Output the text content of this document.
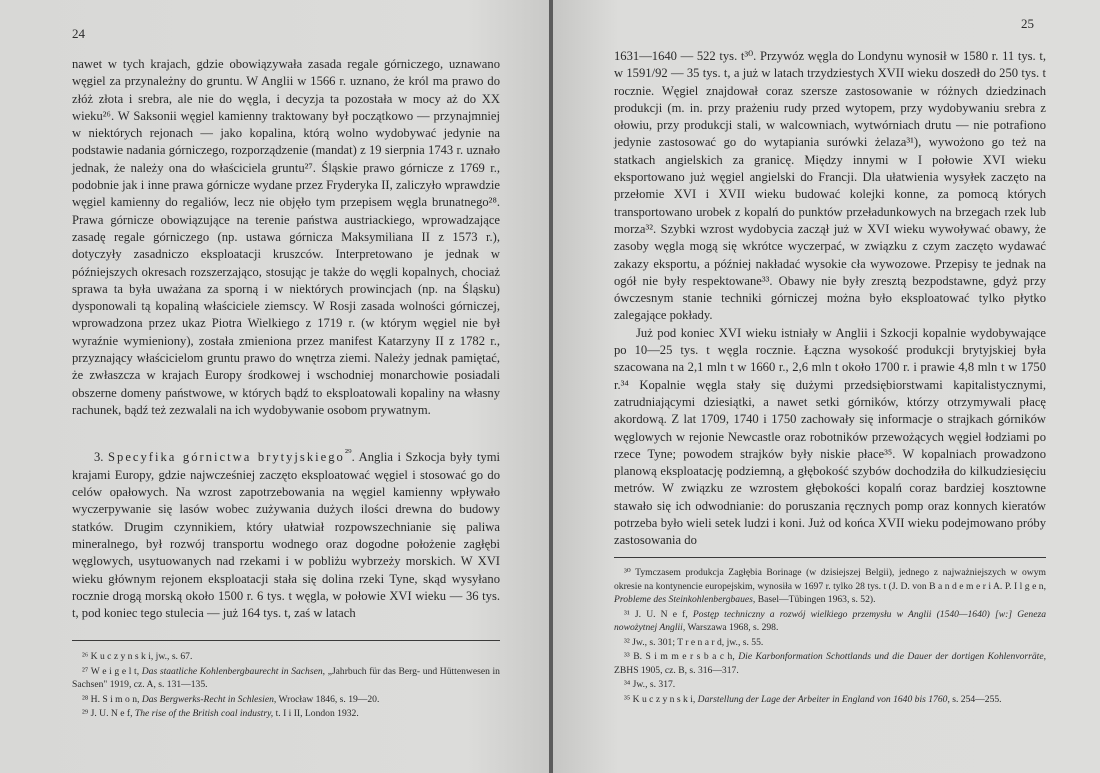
24

nawet w tych krajach, gdzie obowiązywała zasada regale górniczego, uznawano węgiel za przynależny do gruntu. W Anglii w 1566 r. uznano, że król ma prawo do złóż złota i srebra, ale nie do węgla, i decyzja ta pozostała w mocy aż do XX wieku²⁶. W Saksonii węgiel kamienny traktowany był początkowo — przynajmniej w niektórych rejonach — jako kopalina, którą wolno wydobywać jedynie na podstawie nadania górniczego, rozporządzenie (mandat) z 19 sierpnia 1743 r. uznało jednak, że należy ona do właściciela gruntu²⁷. Śląskie prawo górnicze z 1769 r., podobnie jak i inne prawa górnicze wydane przez Fryderyka II, zaliczyło wprawdzie węgiel kamienny do regaliów, lecz nie objęło tym przepisem węgla brunatnego²⁸. Prawa górnicze obowiązujące na terenie państwa austriackiego, wprowadzające zasadę regale górniczego (np. ustawa górnicza Maksymiliana II z 1573 r.), dotyczyły zasadniczo eksploatacji kruszców. Interpretowano je jednak w późniejszych okresach rozszerzająco, stosując je także do węgli kopalnych, chociaż sprawa ta była uważana za sporną i w niektórych prowincjach (np. na Śląsku) dysponowali tą kopaliną właściciele ziemscy. W Rosji zasada wolności górniczej, wprowadzona przez ukaz Piotra Wielkiego z 1719 r. (w którym węgiel nie był wyraźnie wymieniony), została zmieniona przez manifest Katarzyny II z 1782 r., przyznający właścicielom gruntu prawo do wnętrza ziemi. Należy jednak pamiętać, że zwłaszcza w krajach Europy środkowej i wschodniej monarchowie posiadali obszerne domeny państwowe, w których bądź to eksploatowali kopaliny na własny rachunek, bądź też zezwalali na ich wydobywanie osobom prywatnym.

3. Specyfika górnictwa brytyjskiego$^{^{29}}$. Anglia i Szkocja były tymi krajami Europy, gdzie najwcześniej zaczęto eksploatować węgiel i stosować go do celów opałowych. Na wzrost zapotrzebowania na węgiel kamienny wpływało wyczerpywanie się lasów wobec zużywania dużych ilości drewna do budowy statków. Drugim czynnikiem, który ułatwiał rozpowszechnianie się paliwa mineralnego, był rozwój transportu wodnego oraz dogodne położenie zagłębi węglowych, usytuowanych nad rzekami i w pobliżu wybrzeży morskich. W XVI wieku głównym rejonem eksploatacji stała się dolina rzeki Tyne, skąd wysyłano rocznie drogą morską około 1500 r. 6 tys. t węgla, w połowie XVI wieku — 36 tys. t, pod koniec tego stulecia — już 164 tys. t, zaś w latach

²⁶ K u c z y n s k i, jw., s. 67.

²⁷ W e i g e l t, Das staatliche Kohlenbergbaurecht in Sachsen, „Jahrbuch für das Berg- und Hüttenwesen in Sachsen" 1919, cz. A, s. 131—135.

²⁸ H. S i m o n, Das Bergwerks-Recht in Schlesien, Wrocław 1846, s. 19—20.

²⁹ J. U. N e f, The rise of the British coal industry, t. I i II, London 1932.

25

1631—1640 — 522 tys. t³⁰. Przywóz węgla do Londynu wynosił w 1580 r. 11 tys. t, w 1591/92 — 35 tys. t, a już w latach trzydziestych XVII wieku doszedł do 250 tys. t rocznie. Węgiel znajdował coraz szersze zastosowanie w różnych dziedzinach produkcji (m. in. przy prażeniu rudy przed wytopem, przy wydobywaniu srebra z ołowiu, przy produkcji stali, w walcowniach, wytwórniach drutu — nie potrafiono jedynie zastosować go do wytapiania surówki żelaza³¹), wywożono go też na statkach angielskich za granicę. Między innymi w I połowie XVI wieku eksportowano już węgiel angielski do Francji. Dla ułatwienia wysyłek zaczęto na przełomie XVI i XVII wieku budować kolejki konne, za pomocą których transportowano urobek z kopalń do punktów przeładunkowych na brzegach rzek lub morza³². Szybki wzrost wydobycia zaczął już w XVI wieku wywoływać obawy, że zasoby węgla mogą się wkrótce wyczerpać, w związku z czym zaczęto wydawać zakazy eksportu, a później nakładać wysokie cła wywozowe. Przepisy te jednak na ogół nie były respektowane³³. Obawy nie były zresztą bezpodstawne, gdyż przy ówczesnym stanie techniki górniczej można było eksploatować tylko płytko zalegające pokłady.

Już pod koniec XVI wieku istniały w Anglii i Szkocji kopalnie wydobywające po 10—25 tys. t węgla rocznie. Łączna wysokość produkcji brytyjskiej była szacowana na 2,1 mln t w 1660 r., 2,6 mln t około 1700 r. i prawie 4,8 mln t w 1750 r.³⁴ Kopalnie węgla stały się dużymi przedsiębiorstwami kapitalistycznymi, zatrudniającymi dziesiątki, a nawet setki górników, którzy otrzymywali płacę akordową. Z lat 1709, 1740 i 1750 zachowały się informacje o strajkach górników węglowych w rejonie Newcastle oraz robotników przewożących węgiel łodziami po rzece Tyne; powodem strajków były niskie płace³⁵. W kopalniach prowadzono planową eksploatację podziemną, a głębokość szybów dochodziła do kilkudziesięciu metrów. W związku ze wzrostem głębokości kopalń coraz bardziej kosztowne stawało się ich odwodnianie: do poruszania ręcznych pomp oraz konnych kieratów potrzeba było wieli setek ludzi i koni. Już od końca XVII wieku podejmowano próby zastosowania do

³⁰ Tymczasem produkcja Zagłębia Borinage (w dzisiejszej Belgii), jednego z najważniejszych w owym okresie na kontynencie europejskim, wynosiła w 1697 r. tylko 28 tys. t (J. D. von B a n d e m e r i A. P. I l g e n, Probleme des Steinkohlenbergbaues, Basel—Tübingen 1963, s. 52).

³¹ J. U. N e f, Postęp techniczny a rozwój wielkiego przemysłu w Anglii (1540—1640) [w:] Geneza nowożytnej Anglii, Warszawa 1968, s. 298.

³² Jw., s. 301; T r e n a r d, jw., s. 55.

³³ B. S i m m e r s b a c h, Die Karbonformation Schottlands und die Dauer der dortigen Kohlenvorräte, ZBHS 1905, cz. B, s. 316—317.

³⁴ Jw., s. 317.

³⁵ K u c z y n s k i, Darstellung der Lage der Arbeiter in England von 1640 bis 1760, s. 254—255.
